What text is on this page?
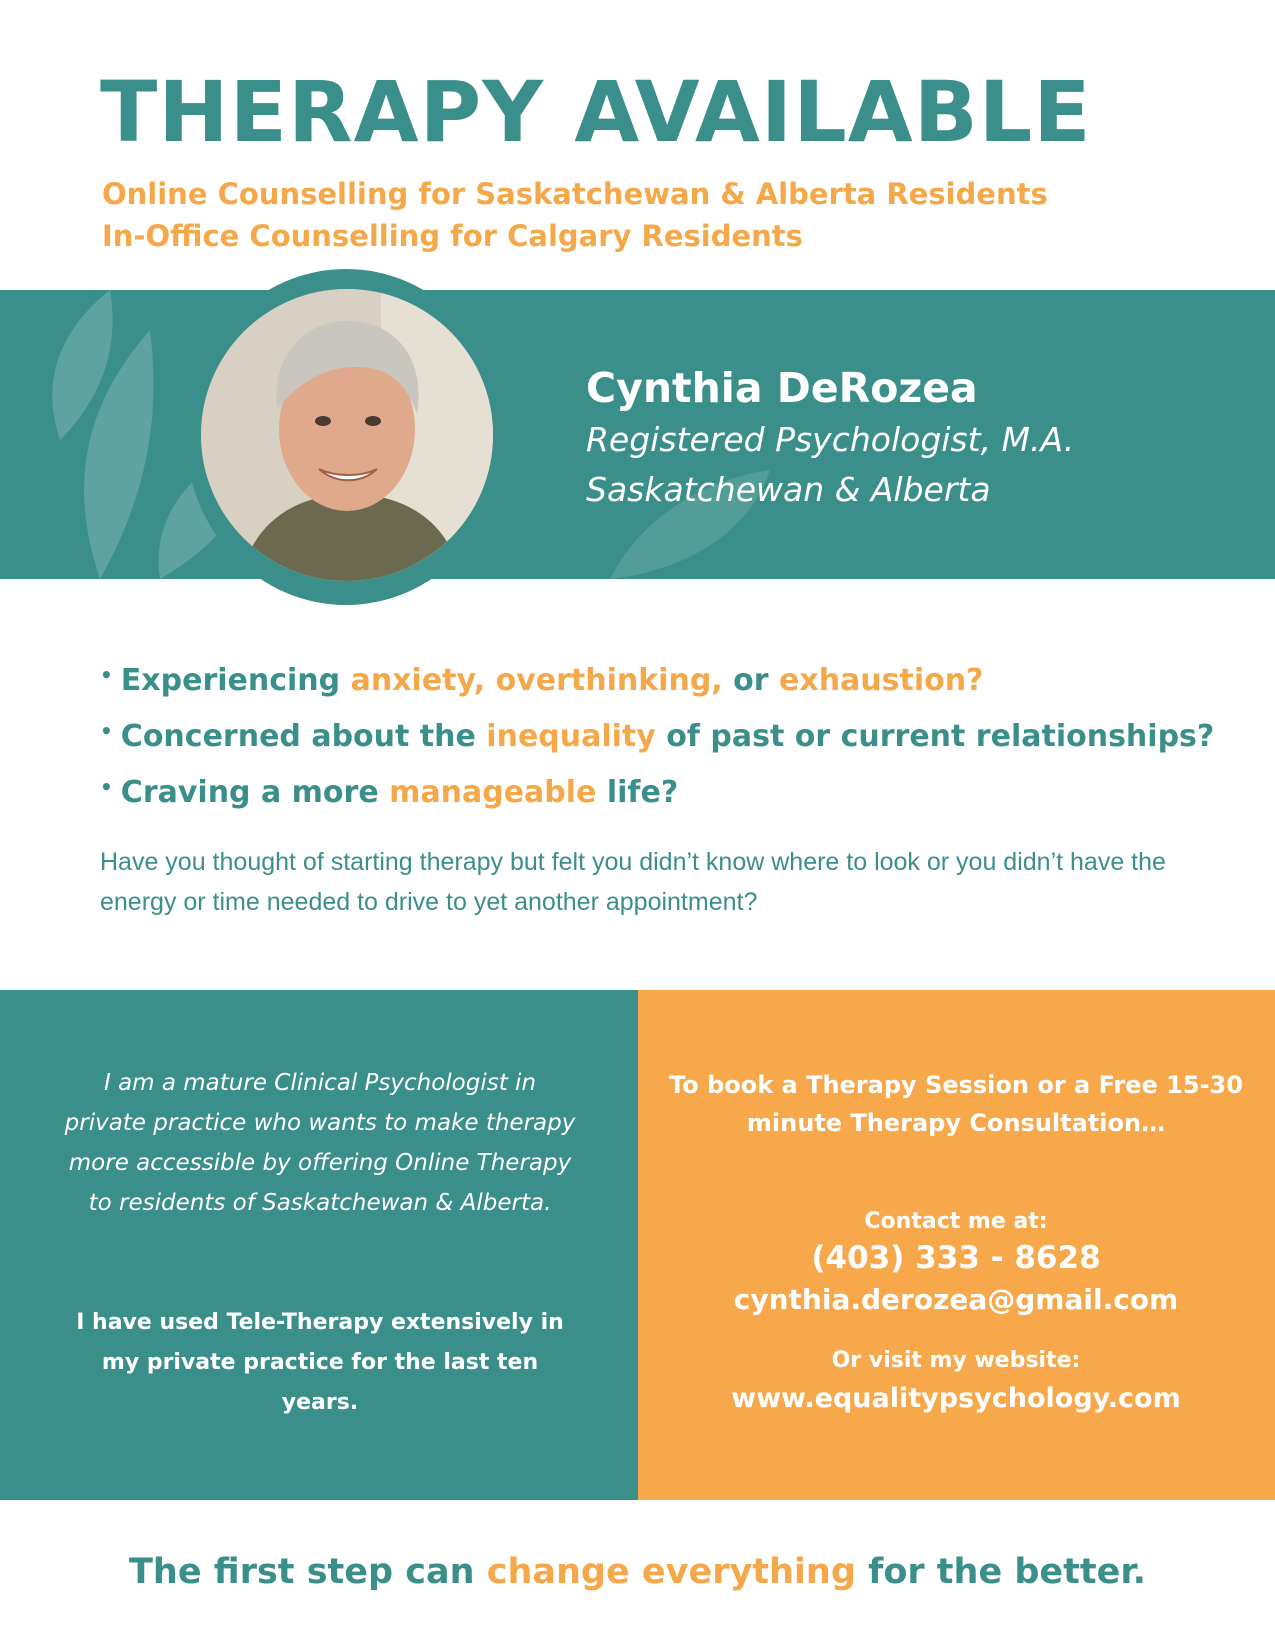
THERAPY AVAILABLE
Online Counselling for Saskatchewan & Alberta Residents
In-Office Counselling for Calgary Residents
Cynthia DeRozea
Registered Psychologist, M.A.
Saskatchewan & Alberta
• Experiencing anxiety, overthinking, or exhaustion?
• Concerned about the inequality of past or current relationships?
• Craving a more manageable life?
Have you thought of starting therapy but felt you didn’t know where to look or you didn’t have the energy or time needed to drive to yet another appointment?
I am a mature Clinical Psychologist in private practice who wants to make therapy more accessible by offering Online Therapy to residents of Saskatchewan & Alberta.
I have used Tele-Therapy extensively in my private practice for the last ten years.
To book a Therapy Session or a Free 15-30 minute Therapy Consultation…
Contact me at:
(403) 333 - 8628
cynthia.derozea@gmail.com
Or visit my website:
www.equalitypsychology.com
The first step can change everything for the better.
